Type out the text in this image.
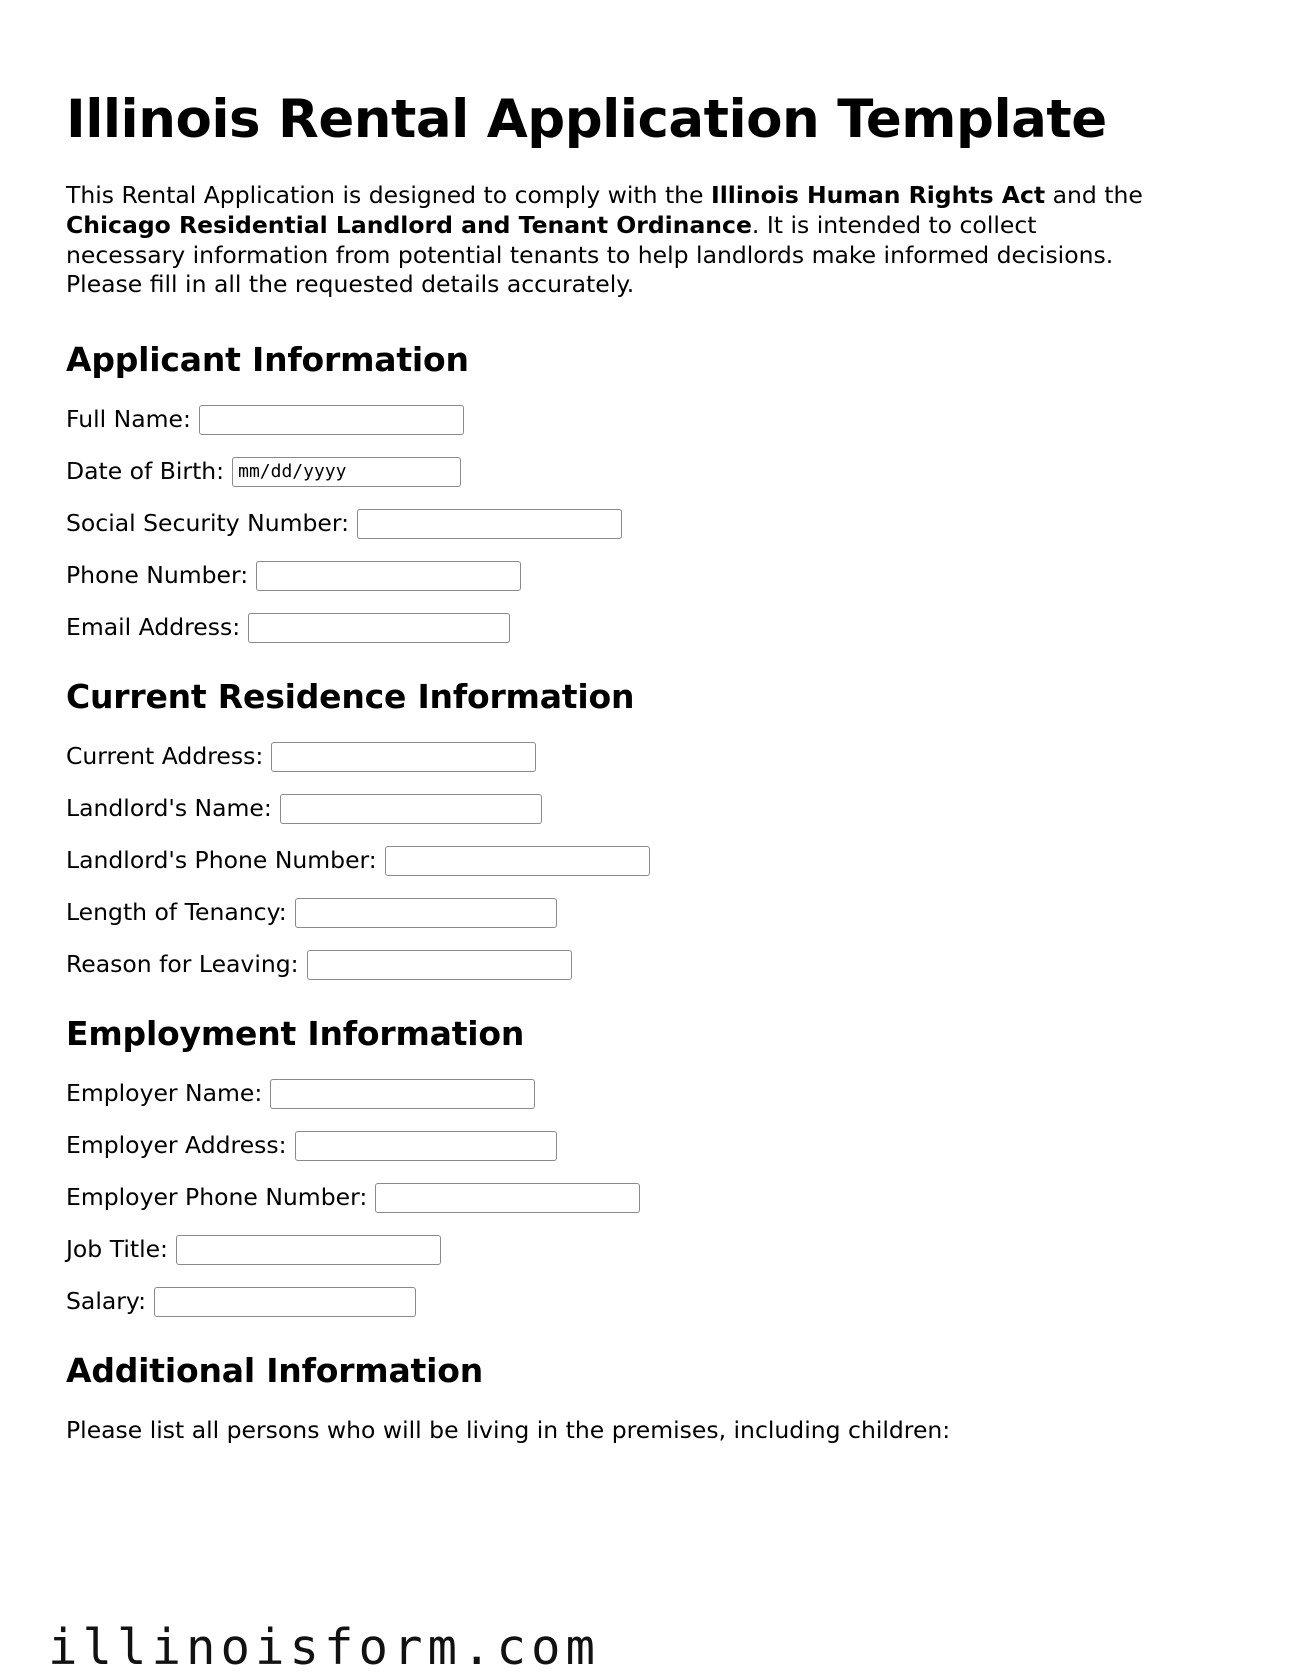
Illinois Rental Application Template

This Rental Application is designed to comply with the Illinois Human Rights Act and the Chicago Residential Landlord and Tenant Ordinance. It is intended to collect necessary information from potential tenants to help landlords make informed decisions. Please fill in all the requested details accurately.

Applicant Information
Full Name:
Date of Birth:
mm/dd/yyyy
Social Security Number:
Phone Number:
Email Address:
Current Residence Information
Current Address:
Landlord's Name:
Landlord's Phone Number:
Length of Tenancy:
Reason for Leaving:
Employment Information
Employer Name:
Employer Address:
Employer Phone Number:
Job Title:
Salary:
Additional Information

Please list all persons who will be living in the premises, including children:

illinoisform.com
